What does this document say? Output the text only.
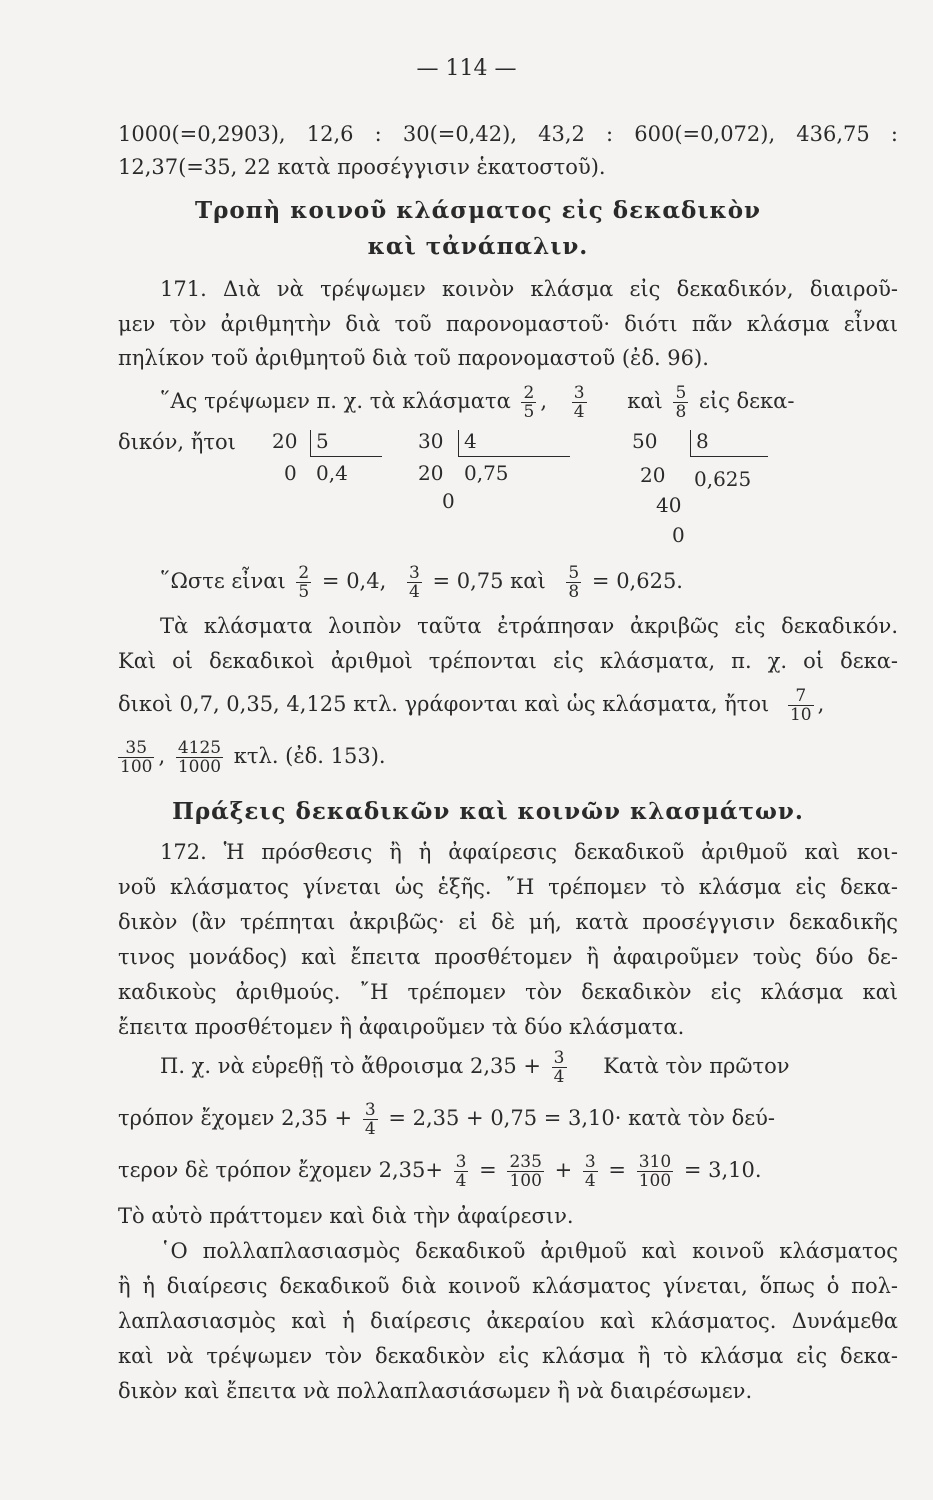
— 114 —
1000(=0,2903), 12,6 : 30(=0,42), 43,2 : 600(=0,072), 436,75 :
12,37(=35, 22 κατὰ προσέγγισιν ἑκατοστοῦ).
Τροπὴ κοινοῦ κλάσματος εἰς δεκαδικὸν
καὶ τἀνάπαλιν.
171. Διὰ νὰ τρέψωμεν κοινὸν κλάσμα εἰς δεκαδικόν, διαιροῦ-
μεν τὸν ἀριθμητὴν διὰ τοῦ παρονομαστοῦ· διότι πᾶν κλάσμα εἶναι
πηλίκον τοῦ ἀριθμητοῦ διὰ τοῦ παρονομαστοῦ (ἐδ. 96).
῞Ας τρέψωμεν π. χ. τὰ κλάσματα $\frac{2}{5}$ , $\frac{3}{4}$ καὶ $\frac{5}{8}$ εἰς δεκα-
δικόν, ἤτοι	20 5
0 0,4
30 4
20 0,75
0
50 8
20 0,625
40
0
῞Ωστε εἶναι $\frac{2}{5} = 0,4$, $\frac{3}{4} = 0,75$ καὶ $\frac{5}{8} = 0,625$.
Τὰ κλάσματα λοιπὸν ταῦτα ἐτράπησαν ἀκριβῶς εἰς δεκαδικόν.
Καὶ οἱ δεκαδικοὶ ἀριθμοὶ τρέπονται εἰς κλάσματα, π. χ. οἱ δεκα-
δικοὶ 0,7, 0,35, 4,125 κτλ. γράφονται καὶ ὡς κλάσματα, ἤτοι $\frac{7}{10}$ ,
$\frac{35}{100}$ , $\frac{4125}{1000} \kappa\tau\lambda$. (ἐδ. 153).
Πράξεις δεκαδικῶν καὶ κοινῶν κλασμάτων.
172. Ἡ πρόσθεσις ἢ ἡ ἀφαίρεσις δεκαδικοῦ ἀριθμοῦ καὶ κοι-
νοῦ κλάσματος γίνεται ὡς ἑξῆς. ῎Η τρέπομεν τὸ κλάσμα εἰς δεκα-
δικὸν (ἂν τρέπηται ἀκριβῶς· εἰ δὲ μή, κατὰ προσέγγισιν δεκαδικῆς
τινος μονάδος) καὶ ἔπειτα προσθέτομεν ἢ ἀφαιροῦμεν τοὺς δύο δε-
καδικοὺς ἀριθμούς. ῎Η τρέπομεν τὸν δεκαδικὸν εἰς κλάσμα καὶ
ἔπειτα προσθέτομεν ἢ ἀφαιροῦμεν τὰ δύο κλάσματα.
Π. χ. νὰ εὑρεθῇ τὸ ἄθροισμα $2,35 + \frac{3}{4}$ Κατὰ τὸν πρῶτον
τρόπον ἔχομεν $2,35 + \frac{3}{4} = 2,35 + 0,75 = 3,10\cdot$ κατὰ τὸν δεύ-
τερον δὲ τρόπον ἔχομεν $2,35+ \frac{3}{4} = \frac{235}{100} + \frac{3}{4} = \frac{310}{100} = 3,10$.
Τὸ αὐτὸ πράττομεν καὶ διὰ τὴν ἀφαίρεσιν.
῾Ο πολλαπλασιασμὸς δεκαδικοῦ ἀριθμοῦ καὶ κοινοῦ κλάσματος
ἢ ἡ διαίρεσις δεκαδικοῦ διὰ κοινοῦ κλάσματος γίνεται, ὅπως ὁ πολ-
λαπλασιασμὸς καὶ ἡ διαίρεσις ἀκεραίου καὶ κλάσματος. Δυνάμεθα
καὶ νὰ τρέψωμεν τὸν δεκαδικὸν εἰς κλάσμα ἢ τὸ κλάσμα εἰς δεκα-
δικὸν καὶ ἔπειτα νὰ πολλαπλασιάσωμεν ἢ νὰ διαιρέσωμεν.
